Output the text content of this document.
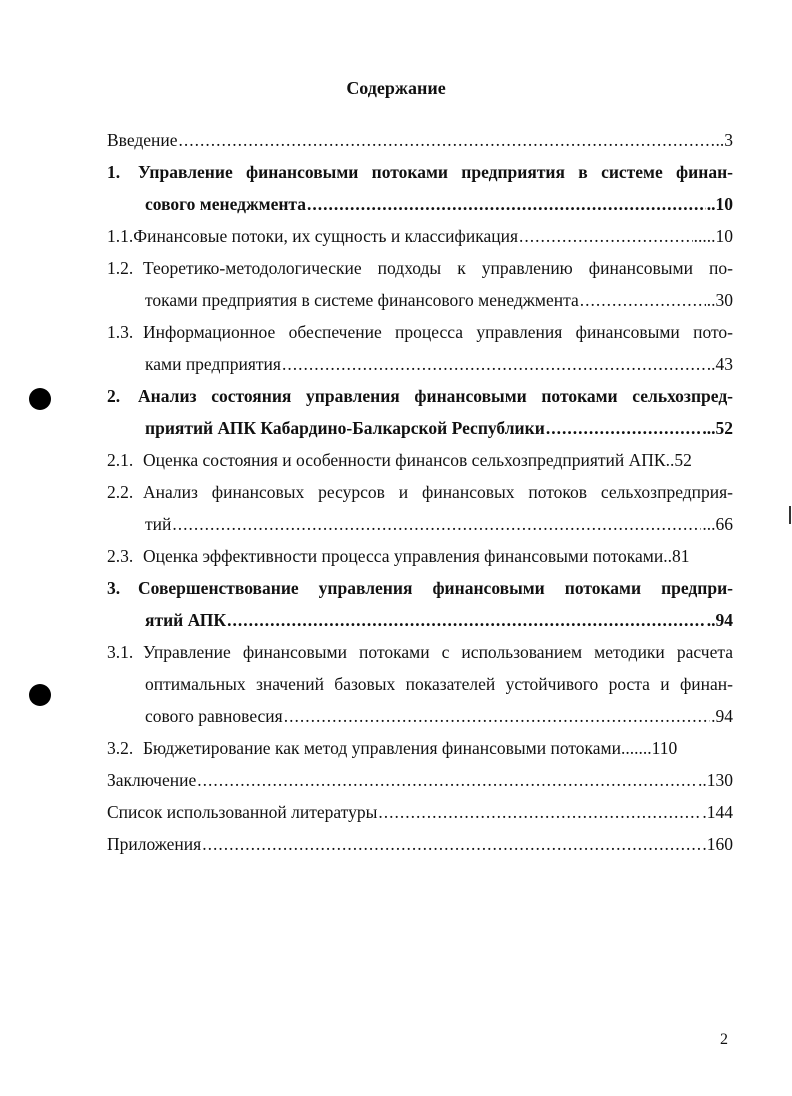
Содержание
Введение .....	..3
1. Управление финансовыми потоками предприятия в системе финан-
сового менеджмента .....	..10
1.1. Финансовые потоки, их сущность и классификация .....	.....10
1.2. Теоретико-методологические подходы к управлению финансовыми по-
токами предприятия в системе финансового менеджмента .....	..30
1.3. Информационное обеспечение процесса управления финансовыми пото-
ками предприятия .....	..43
2. Анализ состояния управления финансовыми потоками сельхозпред-
приятий АПК Кабардино-Балкарской Республики .....	...52
2.1. Оценка состояния и особенности финансов сельхозпредприятий АПК ..52
2.2. Анализ финансовых ресурсов и финансовых потоков сельхозпредприя-
тий .....	...66
2.3. Оценка эффективности процесса управления финансовыми потоками ..81
3. Совершенствование управления финансовыми потоками предпри-
ятий АПК .....	..94
3.1. Управление финансовыми потоками с использованием методики расчета
оптимальных значений базовых показателей устойчивого роста и финан-
сового равновесия .....	.94
3.2. Бюджетирование как метод управления финансовыми потоками .......110
Заключение .....	..130
Список использованной литературы .....	.144
Приложения .....	.160
2
